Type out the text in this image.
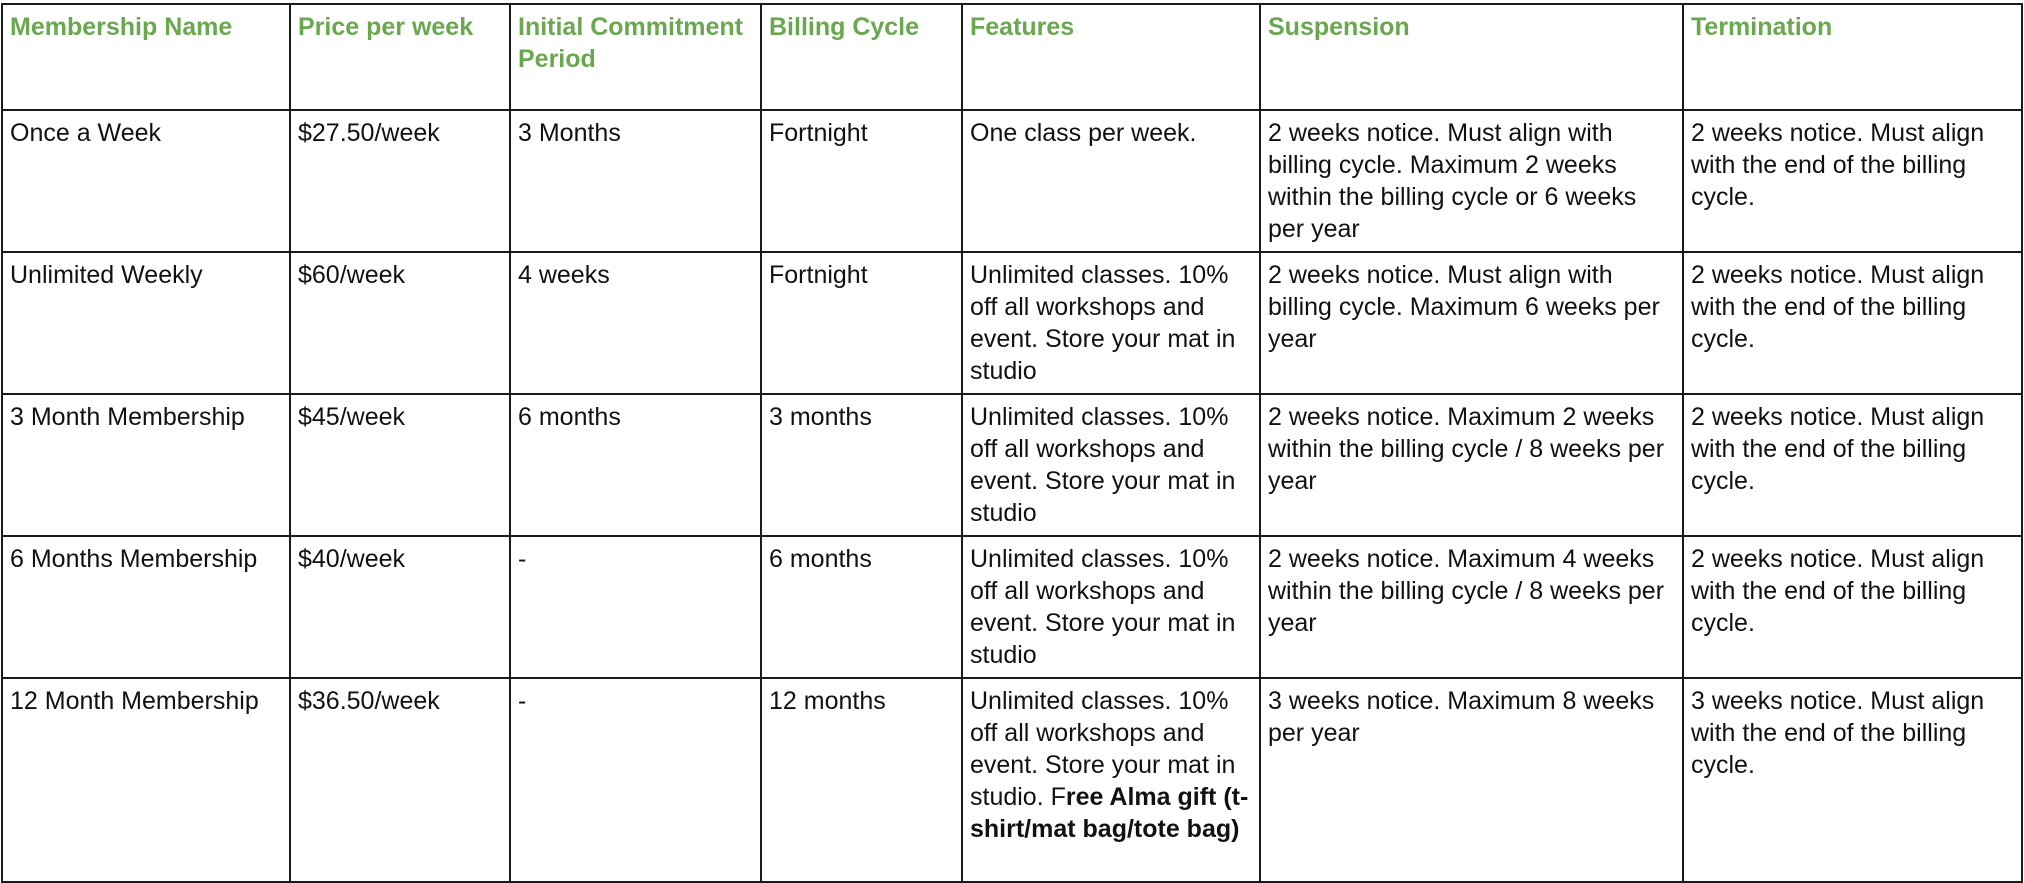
Membership Name	Price per week	Initial Commitment Period	Billing Cycle	Features	Suspension	Termination
Once a Week	$27.50/week	3 Months	Fortnight	One class per week.	2 weeks notice. Must align with billing cycle. Maximum 2 weeks within the billing cycle or 6 weeks per year	2 weeks notice. Must align with the end of the billing cycle.
Unlimited Weekly	$60/week	4 weeks	Fortnight	Unlimited classes. 10% off all workshops and event. Store your mat in studio	2 weeks notice. Must align with billing cycle. Maximum 6 weeks per year	2 weeks notice. Must align with the end of the billing cycle.
3 Month Membership	$45/week	6 months	3 months	Unlimited classes. 10% off all workshops and event. Store your mat in studio	2 weeks notice. Maximum 2 weeks within the billing cycle / 8 weeks per year	2 weeks notice. Must align with the end of the billing cycle.
6 Months Membership	$40/week	-	6 months	Unlimited classes. 10% off all workshops and event. Store your mat in studio	2 weeks notice. Maximum 4 weeks within the billing cycle / 8 weeks per year	2 weeks notice. Must align with the end of the billing cycle.
12 Month Membership	$36.50/week	-	12 months	Unlimited classes. 10% off all workshops and event. Store your mat in studio. Free Alma gift (t-shirt/mat bag/tote bag)	3 weeks notice. Maximum 8 weeks per year	3 weeks notice. Must align with the end of the billing cycle.
